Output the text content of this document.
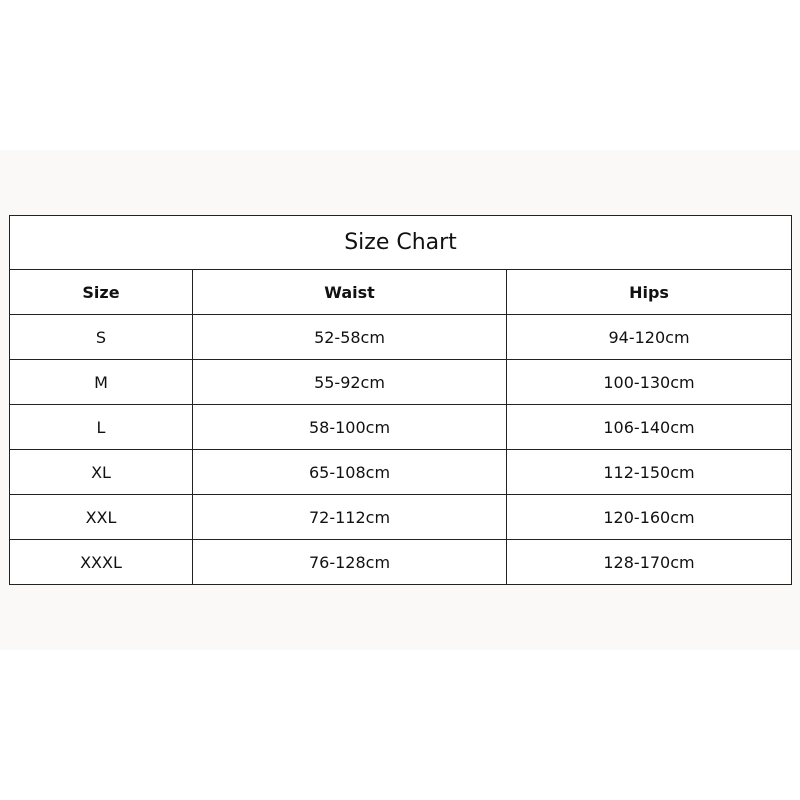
Size Chart		
Size	Waist	Hips
S	52-58cm	94-120cm
M	55-92cm	100-130cm
L	58-100cm	106-140cm
XL	65-108cm	112-150cm
XXL	72-112cm	120-160cm
XXXL	76-128cm	128-170cm
